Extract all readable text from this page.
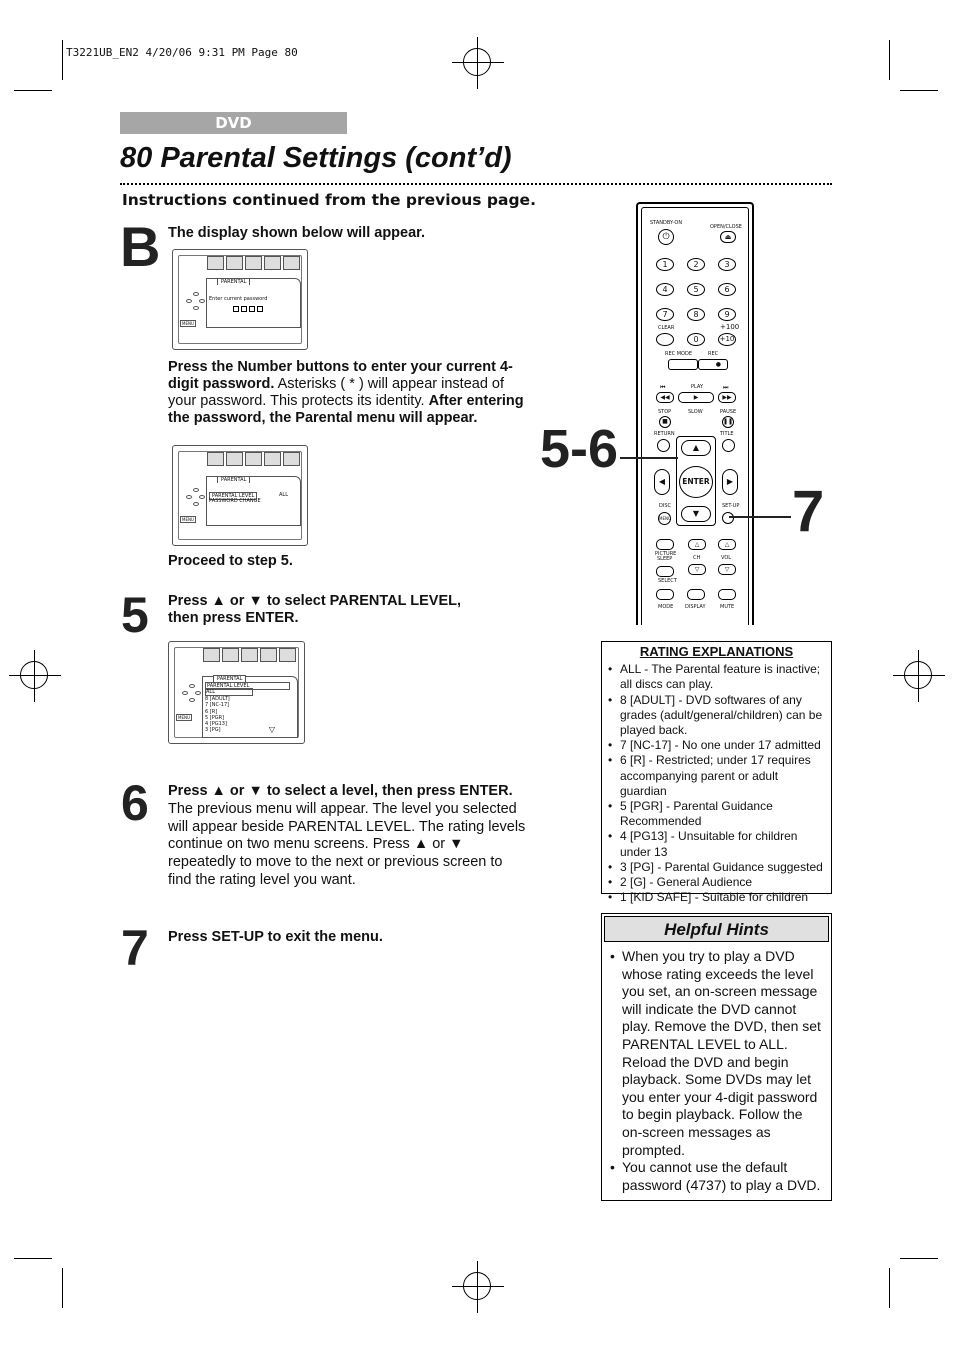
T3221UB_EN2 4/20/06 9:31 PM Page 80
DVD
80 Parental Settings (cont’d)
Instructions continued from the previous page.
B The display shown below will appear.
PARENTAL
Enter current password
MENU
Press the Number buttons to enter your current 4-digit password. Asterisks ( * ) will appear instead of your password. This protects its identity. After entering the password, the Parental menu will appear.
PARENTAL
PARENTAL LEVEL	ALL
PASSWORD CHANGE
MENU
Proceed to step 5.
5 Press ▲ or ▼ to select PARENTAL LEVEL,
then press ENTER.
PARENTAL
PARENTAL LEVEL
ALL
8 [ADULT]
7 [NC-17]
6 [R]
5 [PGR]
4 [PG13]
3 [PG]	▽
MENU
6 Press ▲ or ▼ to select a level, then press ENTER.
The previous menu will appear. The level you selected will appear beside PARENTAL LEVEL. The rating levels continue on two menu screens. Press ▲ or ▼ repeatedly to move to the next or previous screen to find the rating level you want.
7 Press SET-UP to exit the menu.
STANDBY-ON
OPEN/CLOSE
⏻	⏏
1	2	3
4	5	6
7	8	9
CLEAR	+100
0	+10
REC MODE	REC
●
⏮	PLAY	⏭
◀◀	▶	▶▶
STOP	SLOW	PAUSE
■	❚❚
RETURN	TITLE
▲
◀	ENTER	▶
▼
DISC	SET-UP
MENU
PICTURE
SLEEP
△
CH
▽
△
VOL
▽
SELECT
MODE DISPLAY	MUTE
5-6
7
RATING EXPLANATIONS
• ALL - The Parental feature is inactive; all discs can play.
• 8 [ADULT] - DVD softwares of any grades (adult/general/children) can be played back.
• 7 [NC-17] - No one under 17 admitted
• 6 [R] - Restricted; under 17 requires accompanying parent or adult guardian
• 5 [PGR] - Parental Guidance Recommended
• 4 [PG13] - Unsuitable for children under 13
• 3 [PG] - Parental Guidance suggested
• 2 [G] - General Audience
• 1 [KID SAFE] - Suitable for children
Helpful Hints
• When you try to play a DVD whose rating exceeds the level you set, an on-screen message will indicate the DVD cannot play. Remove the DVD, then set PARENTAL LEVEL to ALL. Reload the DVD and begin playback. Some DVDs may let you enter your 4-digit password to begin playback. Follow the on-screen messages as prompted.
• You cannot use the default password (4737) to play a DVD.
